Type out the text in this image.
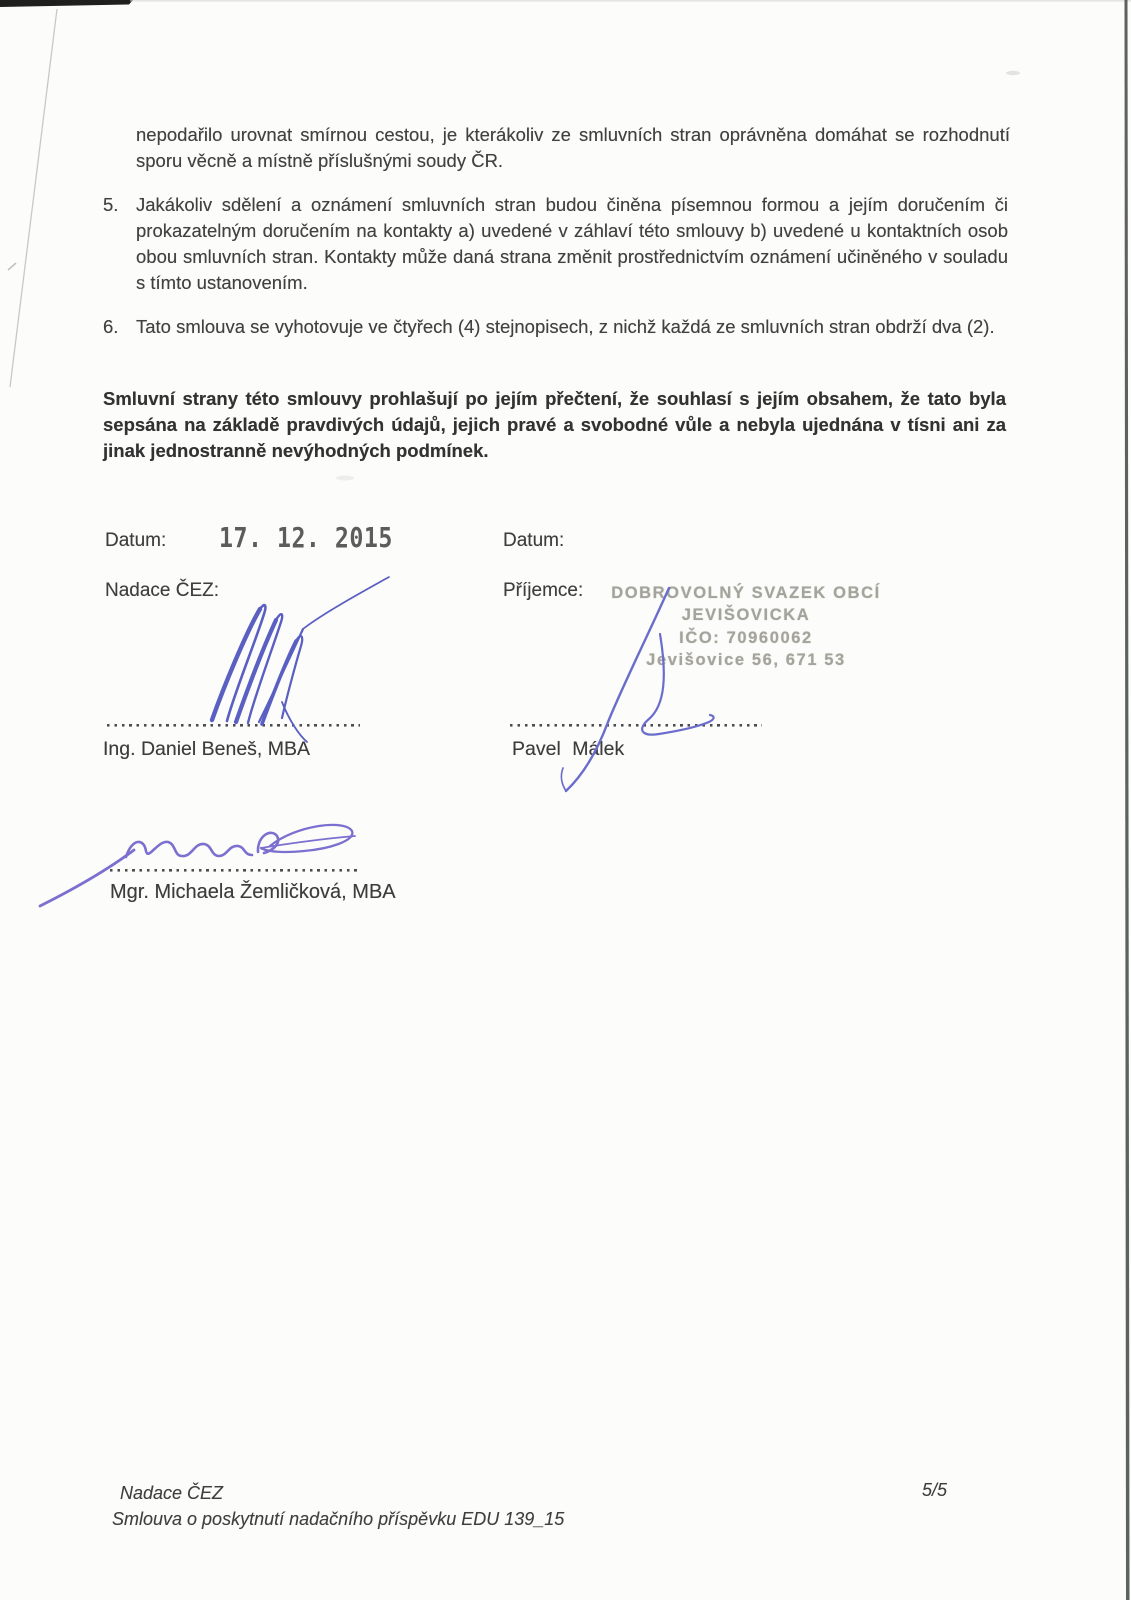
nepodařilo urovnat smírnou cestou, je kterákoliv ze smluvních stran oprávněna domáhat se rozhodnutí sporu věcně a místně příslušnými soudy ČR.
5. Jakákoliv sdělení a oznámení smluvních stran budou činěna písemnou formou a jejím doručením či prokazatelným doručením na kontakty a) uvedené v záhlaví této smlouvy b) uvedené u kontaktních osob obou smluvních stran. Kontakty může daná strana změnit prostřednictvím oznámení učiněného v souladu s tímto ustanovením.
6. Tato smlouva se vyhotovuje ve čtyřech (4) stejnopisech, z nichž každá ze smluvních stran obdrží dva (2).
Smluvní strany této smlouvy prohlašují po jejím přečtení, že souhlasí s jejím obsahem, že tato byla sepsána na základě pravdivých údajů, jejich pravé a svobodné vůle a nebyla ujednána v tísni ani za jinak jednostranně nevýhodných podmínek.
Datum: 17. 12. 2015
Nadace ČEZ:
Ing. Daniel Beneš, MBA
Datum:
Příjemce:	DOBROVOLNÝ SVAZEK OBCÍ
JEVIŠOVICKA
IČO: 70960062
Jevišovice 56, 671 53
Pavel Málek
Mgr. Michaela Žemličková, MBA
Nadace ČEZ
Smlouva o poskytnutí nadačního příspěvku EDU 139_15
5/5
